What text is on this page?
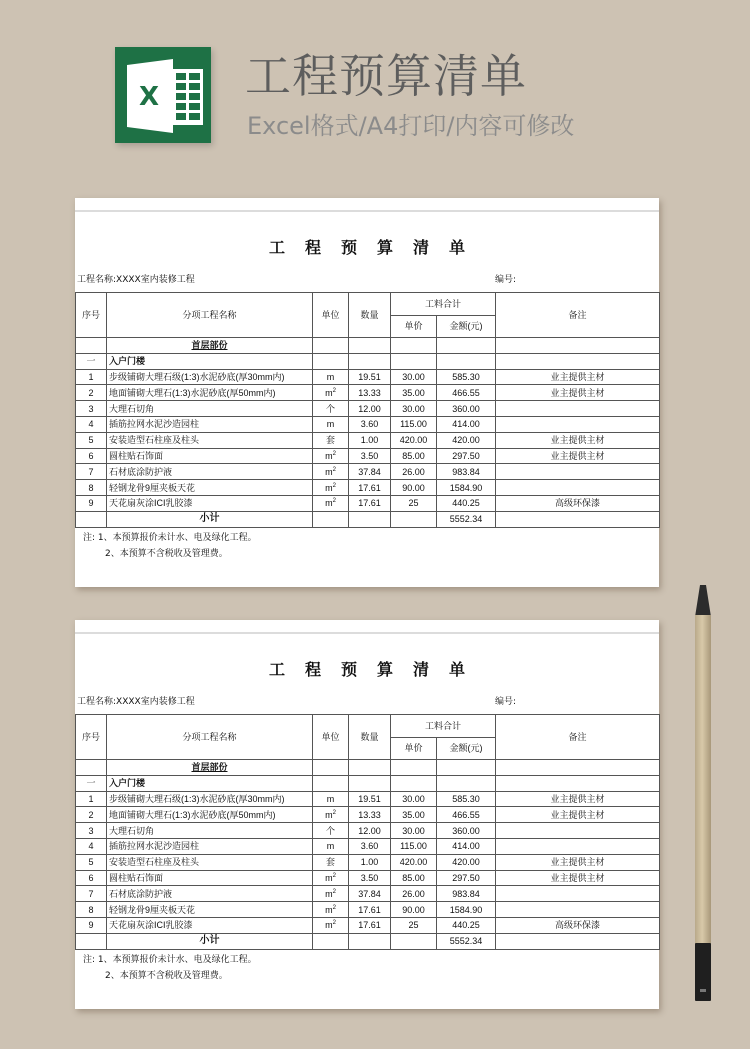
X 工程预算清单
Excel格式/A4打印/内容可修改
工程预算清单
工程名称:XXXX室内装修工程	编号:
序号	分项工程名称	单位	数量	工料合计		备注
				单价	金额(元)	
	首层部份					
一	入户门楼					
1	步级铺砌大理石级(1:3)水泥砂底(厚30mm内)	m	19.51	30.00	585.30	业主提供主材
2	地面铺砌大理石(1:3)水泥砂底(厚50mm内)	$m^2$	13.33	35.00	466.55	业主提供主材
3	大理石切角	个	12.00	30.00	360.00	
4	插筋拉网水泥沙造园柱	m	3.60	115.00	414.00	
5	安装造型石柱座及柱头	套	1.00	420.00	420.00	业主提供主材
6	圆柱贴石饰面	$m^2$	3.50	85.00	297.50	业主提供主材
7	石材底涂防护液	$m^2$	37.84	26.00	983.84	
8	轻钢龙骨9厘夹板天花	$m^2$	17.61	90.00	1584.90	
9	天花扇灰涂ICI乳胶漆	$m^2$	17.61	25	440.25	高级环保漆
	小计				5552.34	
注: 1、本预算报价未计水、电及绿化工程。
2、本预算不含税收及管理费。
工程预算清单
工程名称:XXXX室内装修工程	编号:
序号	分项工程名称	单位	数量	工料合计		备注
				单价	金额(元)	
	首层部份					
一	入户门楼					
1	步级铺砌大理石级(1:3)水泥砂底(厚30mm内)	m	19.51	30.00	585.30	业主提供主材
2	地面铺砌大理石(1:3)水泥砂底(厚50mm内)	$m^2$	13.33	35.00	466.55	业主提供主材
3	大理石切角	个	12.00	30.00	360.00	
4	插筋拉网水泥沙造园柱	m	3.60	115.00	414.00	
5	安装造型石柱座及柱头	套	1.00	420.00	420.00	业主提供主材
6	圆柱贴石饰面	$m^2$	3.50	85.00	297.50	业主提供主材
7	石材底涂防护液	$m^2$	37.84	26.00	983.84	
8	轻钢龙骨9厘夹板天花	$m^2$	17.61	90.00	1584.90	
9	天花扇灰涂ICI乳胶漆	$m^2$	17.61	25	440.25	高级环保漆
	小计				5552.34	
注: 1、本预算报价未计水、电及绿化工程。
2、本预算不含税收及管理费。
